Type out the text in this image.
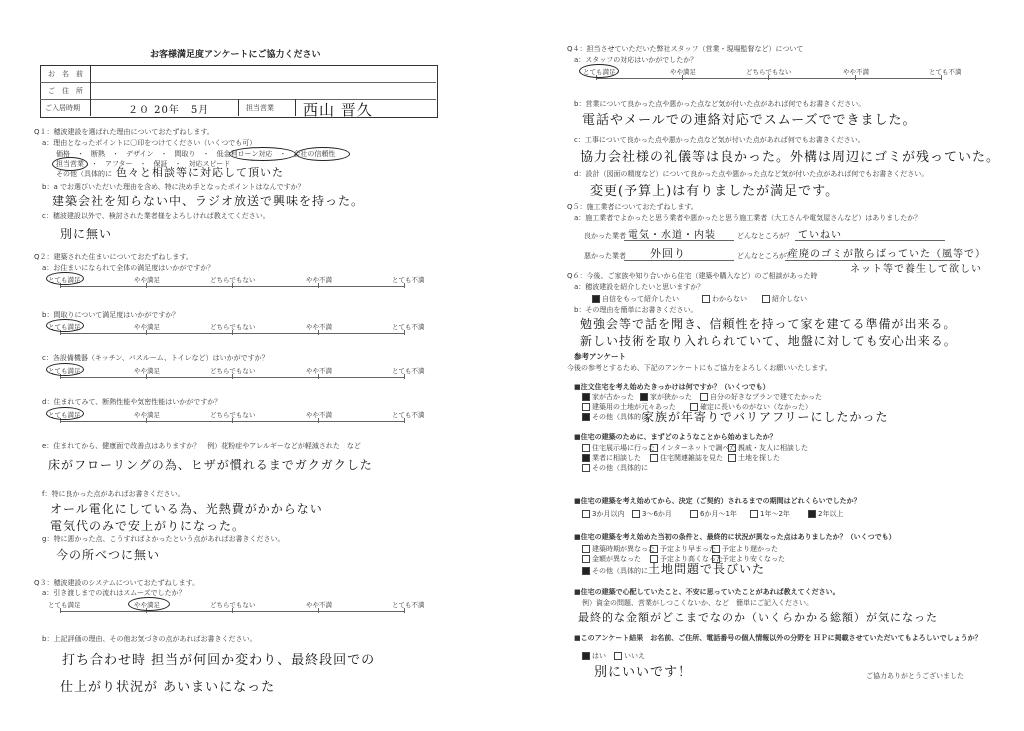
お客様満足度アンケートにご協力ください
お　名　前
ご　住　所
ご入居時期	２０ 20年　5月	担当営業 西山 晋久
Q１：穂波建設を選ばれた理由についておたずねします。
a：理由となったポイントに〇印をつけてください（いくつでも可）
価格　・　断熱　・　デザイン　・　間取り　・　低金利ローン対応　・　会社の信頼性
担当営業　・　アフター　・　保証　・　対応スピード
その他（具体的に 色々と相談等に対応して頂いた
b：a でお選びいただいた理由を含め、特に決め手となったポイントはなんですか？
建築会社を知らない中、ラジオ放送で興味を持った。
c：穂波建設以外で、検討された業者様をよろしければ教えてください。
別に無い
Q２：建築された住まいについておたずねします。
a：お住まいになられて全体の満足度はいかがですか？
とても満足	やや満足	どちらでもない	やや不満	とても不満
b：間取りについて満足度はいかがですか？
とても満足	やや満足	どちらでもない	やや不満	とても不満
c：各設備機器（キッチン、バスルーム、トイレなど）はいかがですか？
とても満足	やや満足	どちらでもない	やや不満	とても不満
d：住まれてみて、断熱性能や気密性能はいかがですか？
とても満足	やや満足	どちらでもない	やや不満	とても不満
e：住まれてから、健康面で改善点はありますか？　例）花粉症やアレルギーなどが軽減された　など
床がフローリングの為、ヒザが慣れるまでガクガクした
f：特に良かった点があればお書きください。
オール電化にしている為、光熱費がかからない
電気代のみで安上がりになった。
g：特に悪かった点、こうすればよかったという点があればお書きください。
今の所べつに無い
Q３：穂波建設のシステムについておたずねします。
a：引き渡しまでの流れはスムーズでしたか？
とても満足	やや満足	どちらでもない	やや不満	とても不満
b：上記評価の理由、その他お気づきの点があればお書きください。
打ち合わせ時 担当が何回か変わり、最終段回での
仕上がり状況が あいまいになった
Q４：担当させていただいた弊社スタッフ（営業・現場監督など）について
a：スタッフの対応はいかがでしたか？
とても満足	やや満足	どちらでもない	やや不満	とても不満
b：営業について良かった点や悪かった点など気が付いた点があれば何でもお書きください。
電話やメールでの連絡対応でスムーズでできました。
c：工事について良かった点や悪かった点など気が付いた点があれば何でもお書きください。
協力会社様の礼儀等は良かった。外構は周辺にゴミが残っていた。
d：設計（図面の精度など）について良かった点や悪かった点など気が付いた点があれば何でもお書きください。
変更(予算上)は有りましたが満足です。
Q５：施工業者についておたずねします。
a：施工業者でよかったと思う業者や悪かったと思う施工業者（大工さんや電気屋さんなど）はありましたか？
良かった業者 電気・水道・内装	どんなところが？ ていねい
悪かった業者 外回り	どんなところが？
産廃のゴミが散らばっていた（風等で）
ネット等で養生して欲しい
Q６：今後、ご家族や知り合いから住宅（建築や購入など）のご相談があった時
a：穂波建設を紹介したいと思いますか？
自信をもって紹介したい	わからない	紹介しない
b：その理由を簡単にお書きください。
勉強会等で話を聞き、信頼性を持って家を建てる準備が出来る。
新しい技術を取り入れられていて、地盤に対しても安心出来る。
参考アンケート
今後の参考とするため、下記のアンケートにもご協力をよろしくお願いいたします。
■注文住宅を考え始めたきっかけは何ですか？（いくつでも）
家が古かった	家が狭かった	自分の好きなプランで建てたかった
建築用の土地が元々あった	確定に長いものがない（なかった）
その他（具体的に
家族が年寄りでバリアフリーにしたかった
■住宅の建築のために、まずどのようなことから始めましたか？
住宅展示場に行った インターネットで調べた 親戚・友人に相談した
業者に相談した	住宅関連雑誌を見た	土地を探した
その他（具体的に
■住宅の建築を考え始めてから、決定（ご契約）されるまでの期間はどれくらいでしたか？
3か月以内	3〜6か月	6か月〜1年	1年〜2年	2年以上
■住宅の建築を考え始めた当初の条件と、最終的に状況が異なった点はありましたか？（いくつでも）
建築時期が異なった 予定より早まった 予定より遅かった
金額が異なった	予定より高くなった 予定より安くなった
その他（具体的に 土地問題で長びいた
■住宅の建築で心配していたこと、不安に思っていたことがあれば教えてください。
例）資金の問題、営業がしつこくないか、など　簡単にご記入ください。
最終的な金額がどこまでなのか（いくらかかる総額）が気になった
■このアンケート結果　お名前、ご住所、電話番号の個人情報以外の分野を ＨＰに掲載させていただいてもよろしいでしょうか？
はい	いいえ
別にいいです！	ご協力ありがとうございました
